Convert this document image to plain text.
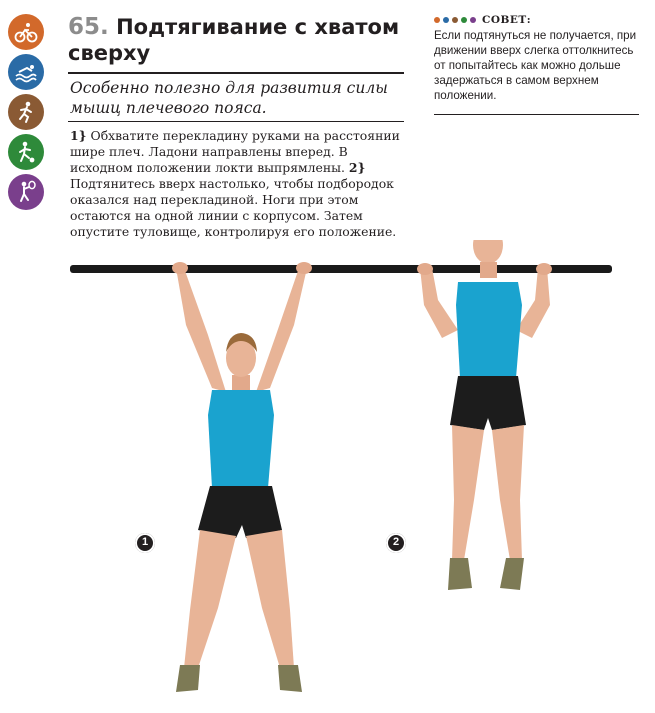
65. Подтягивание с хватом сверху
Особенно полезно для развития силы мышц плечевого пояса.
1} Обхватите перекладину руками на расстоянии шире плеч. Ладони направлены вперед. В исходном положении локти выпрямлены. 2} Подтянитесь вверх настолько, чтобы подбородок оказался над перекладиной. Ноги при этом остаются на одной линии с корпусом. Затем опустите туловище, контролируя его положение.
СОВЕТ:
Если подтянуться не получается, при движении вверх слегка оттолкнитесь от попытайтесь как можно дольше задержаться в самом верхнем положении.
1	2
